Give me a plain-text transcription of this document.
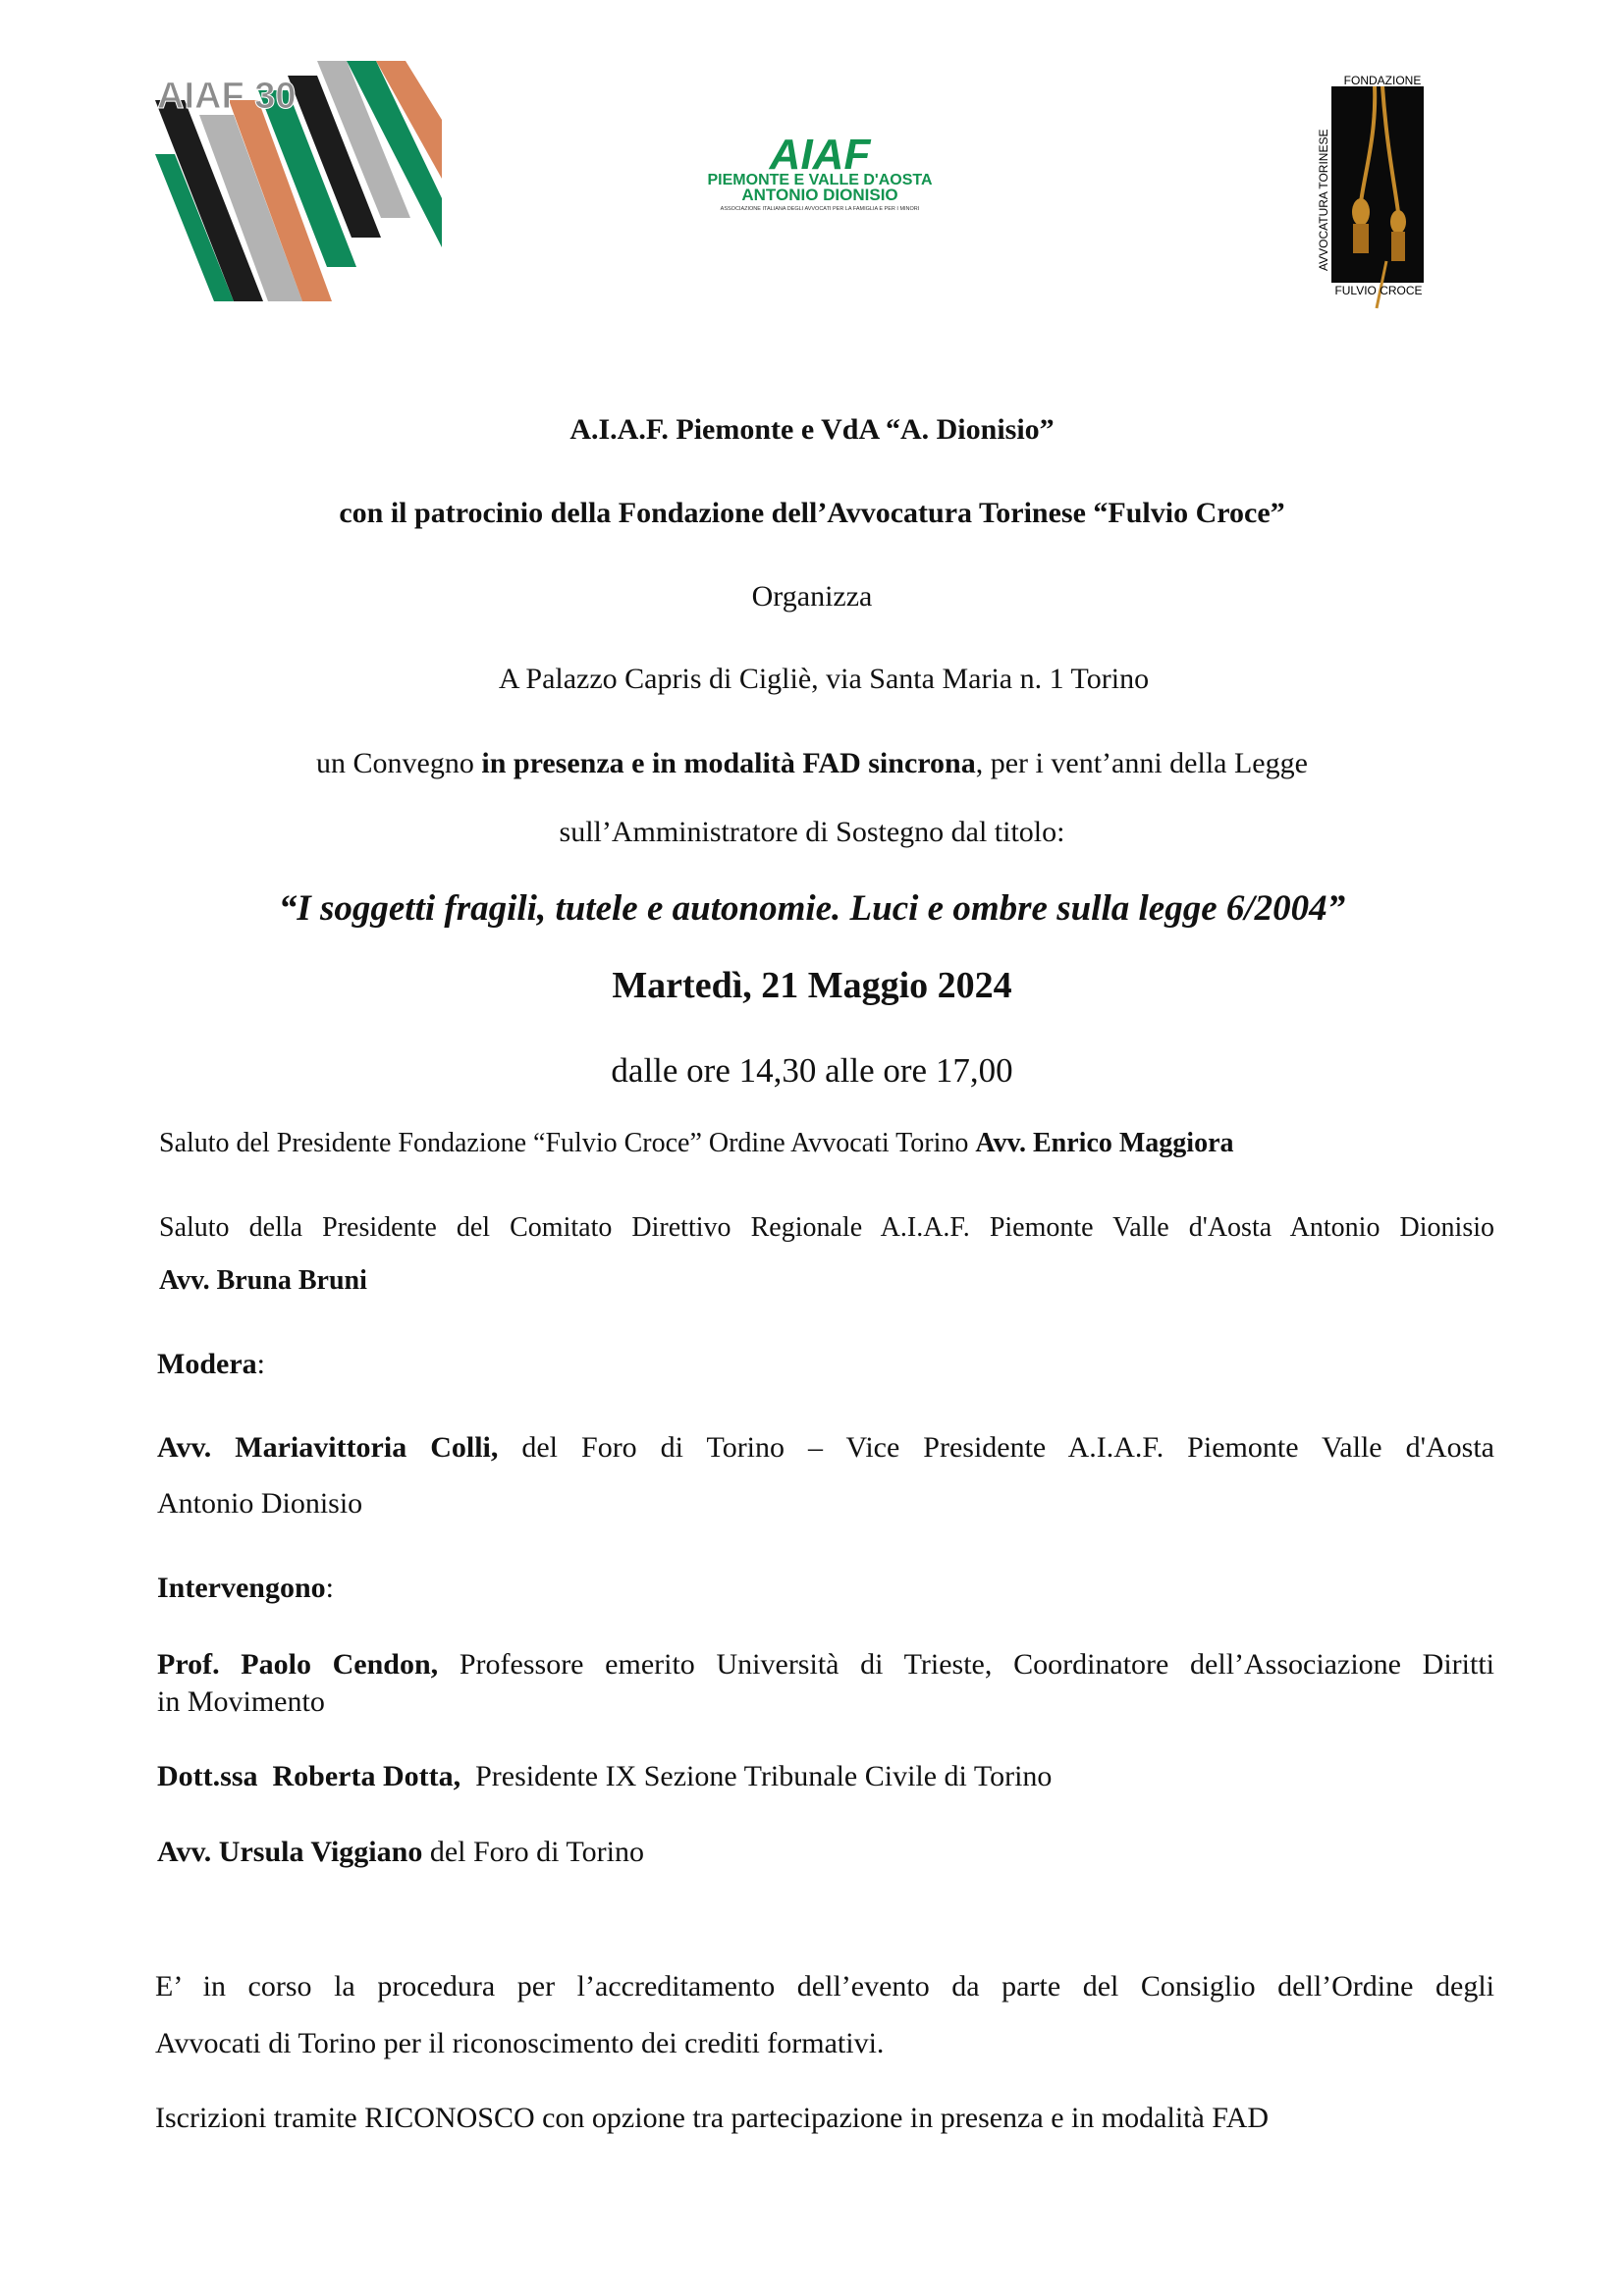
AIAF 30
AIAF
PIEMONTE E VALLE D'AOSTA
ANTONIO DIONISIO
ASSOCIAZIONE ITALIANA DEGLI AVVOCATI PER LA FAMIGLIA E PER I MINORI
FONDAZIONE
AVVOCATURA TORINESE
FULVIO CROCE
A.I.A.F. Piemonte e VdA “A. Dionisio”
con il patrocinio della Fondazione dell’Avvocatura Torinese “Fulvio Croce”
Organizza
A Palazzo Capris di Cigliè, via Santa Maria n. 1 Torino
un Convegno in presenza e in modalità FAD sincrona, per i vent’anni della Legge
sull’Amministratore di Sostegno dal titolo:
“I soggetti fragili, tutele e autonomie. Luci e ombre sulla legge 6/2004”
Martedì, 21 Maggio 2024
dalle ore 14,30 alle ore 17,00
Saluto del Presidente Fondazione “Fulvio Croce” Ordine Avvocati Torino Avv. Enrico Maggiora
Saluto della Presidente del Comitato Direttivo Regionale A.I.A.F. Piemonte Valle d'Aosta Antonio Dionisio
Avv. Bruna Bruni
Modera:
Avv. Mariavittoria Colli, del Foro di Torino – Vice Presidente A.I.A.F. Piemonte Valle d'Aosta
Antonio Dionisio
Intervengono:
Prof. Paolo Cendon, Professore emerito Università di Trieste, Coordinatore dell’Associazione Diritti
in Movimento
Dott.ssa  Roberta Dotta,  Presidente IX Sezione Tribunale Civile di Torino
Avv. Ursula Viggiano del Foro di Torino
E’ in corso la procedura per l’accreditamento dell’evento da parte del Consiglio dell’Ordine degli
Avvocati di Torino per il riconoscimento dei crediti formativi.
Iscrizioni tramite RICONOSCO con opzione tra partecipazione in presenza e in modalità FAD
